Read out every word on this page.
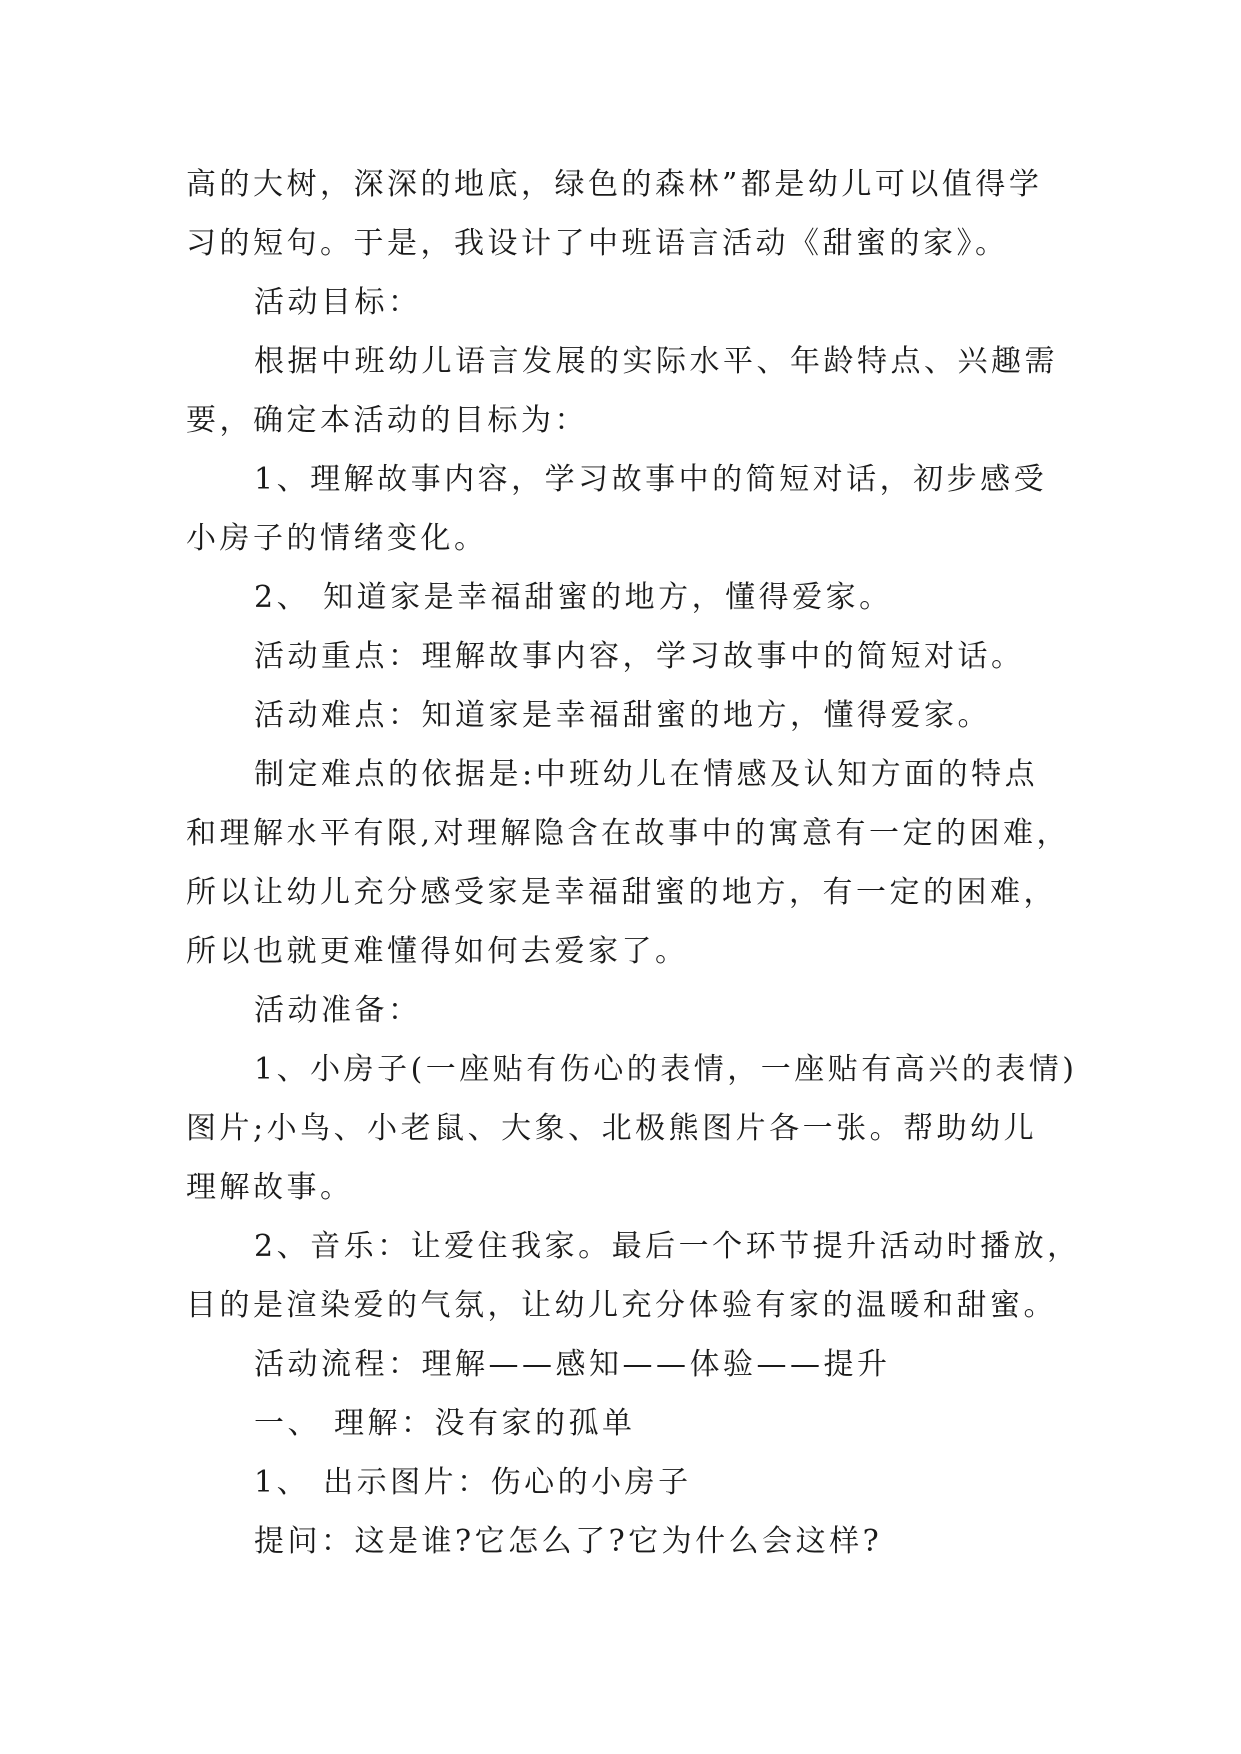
高的大树，深深的地底，绿色的森林”都是幼儿可以值得学
习的短句。于是，我设计了中班语言活动《甜蜜的家》。
活动目标：
根据中班幼儿语言发展的实际水平、年龄特点、兴趣需
要，确定本活动的目标为：
1、理解故事内容，学习故事中的简短对话，初步感受
小房子的情绪变化。
2、 知道家是幸福甜蜜的地方，懂得爱家。
活动重点：理解故事内容，学习故事中的简短对话。
活动难点：知道家是幸福甜蜜的地方，懂得爱家。
制定难点的依据是:中班幼儿在情感及认知方面的特点
和理解水平有限,对理解隐含在故事中的寓意有一定的困难，
所以让幼儿充分感受家是幸福甜蜜的地方，有一定的困难，
所以也就更难懂得如何去爱家了。
活动准备：
1、小房子(一座贴有伤心的表情，一座贴有高兴的表情)
图片;小鸟、小老鼠、大象、北极熊图片各一张。帮助幼儿
理解故事。
2、音乐：让爱住我家。最后一个环节提升活动时播放，
目的是渲染爱的气氛，让幼儿充分体验有家的温暖和甜蜜。
活动流程：理解——感知——体验——提升
一、 理解：没有家的孤单
1、 出示图片：伤心的小房子
提问：这是谁?它怎么了?它为什么会这样?
